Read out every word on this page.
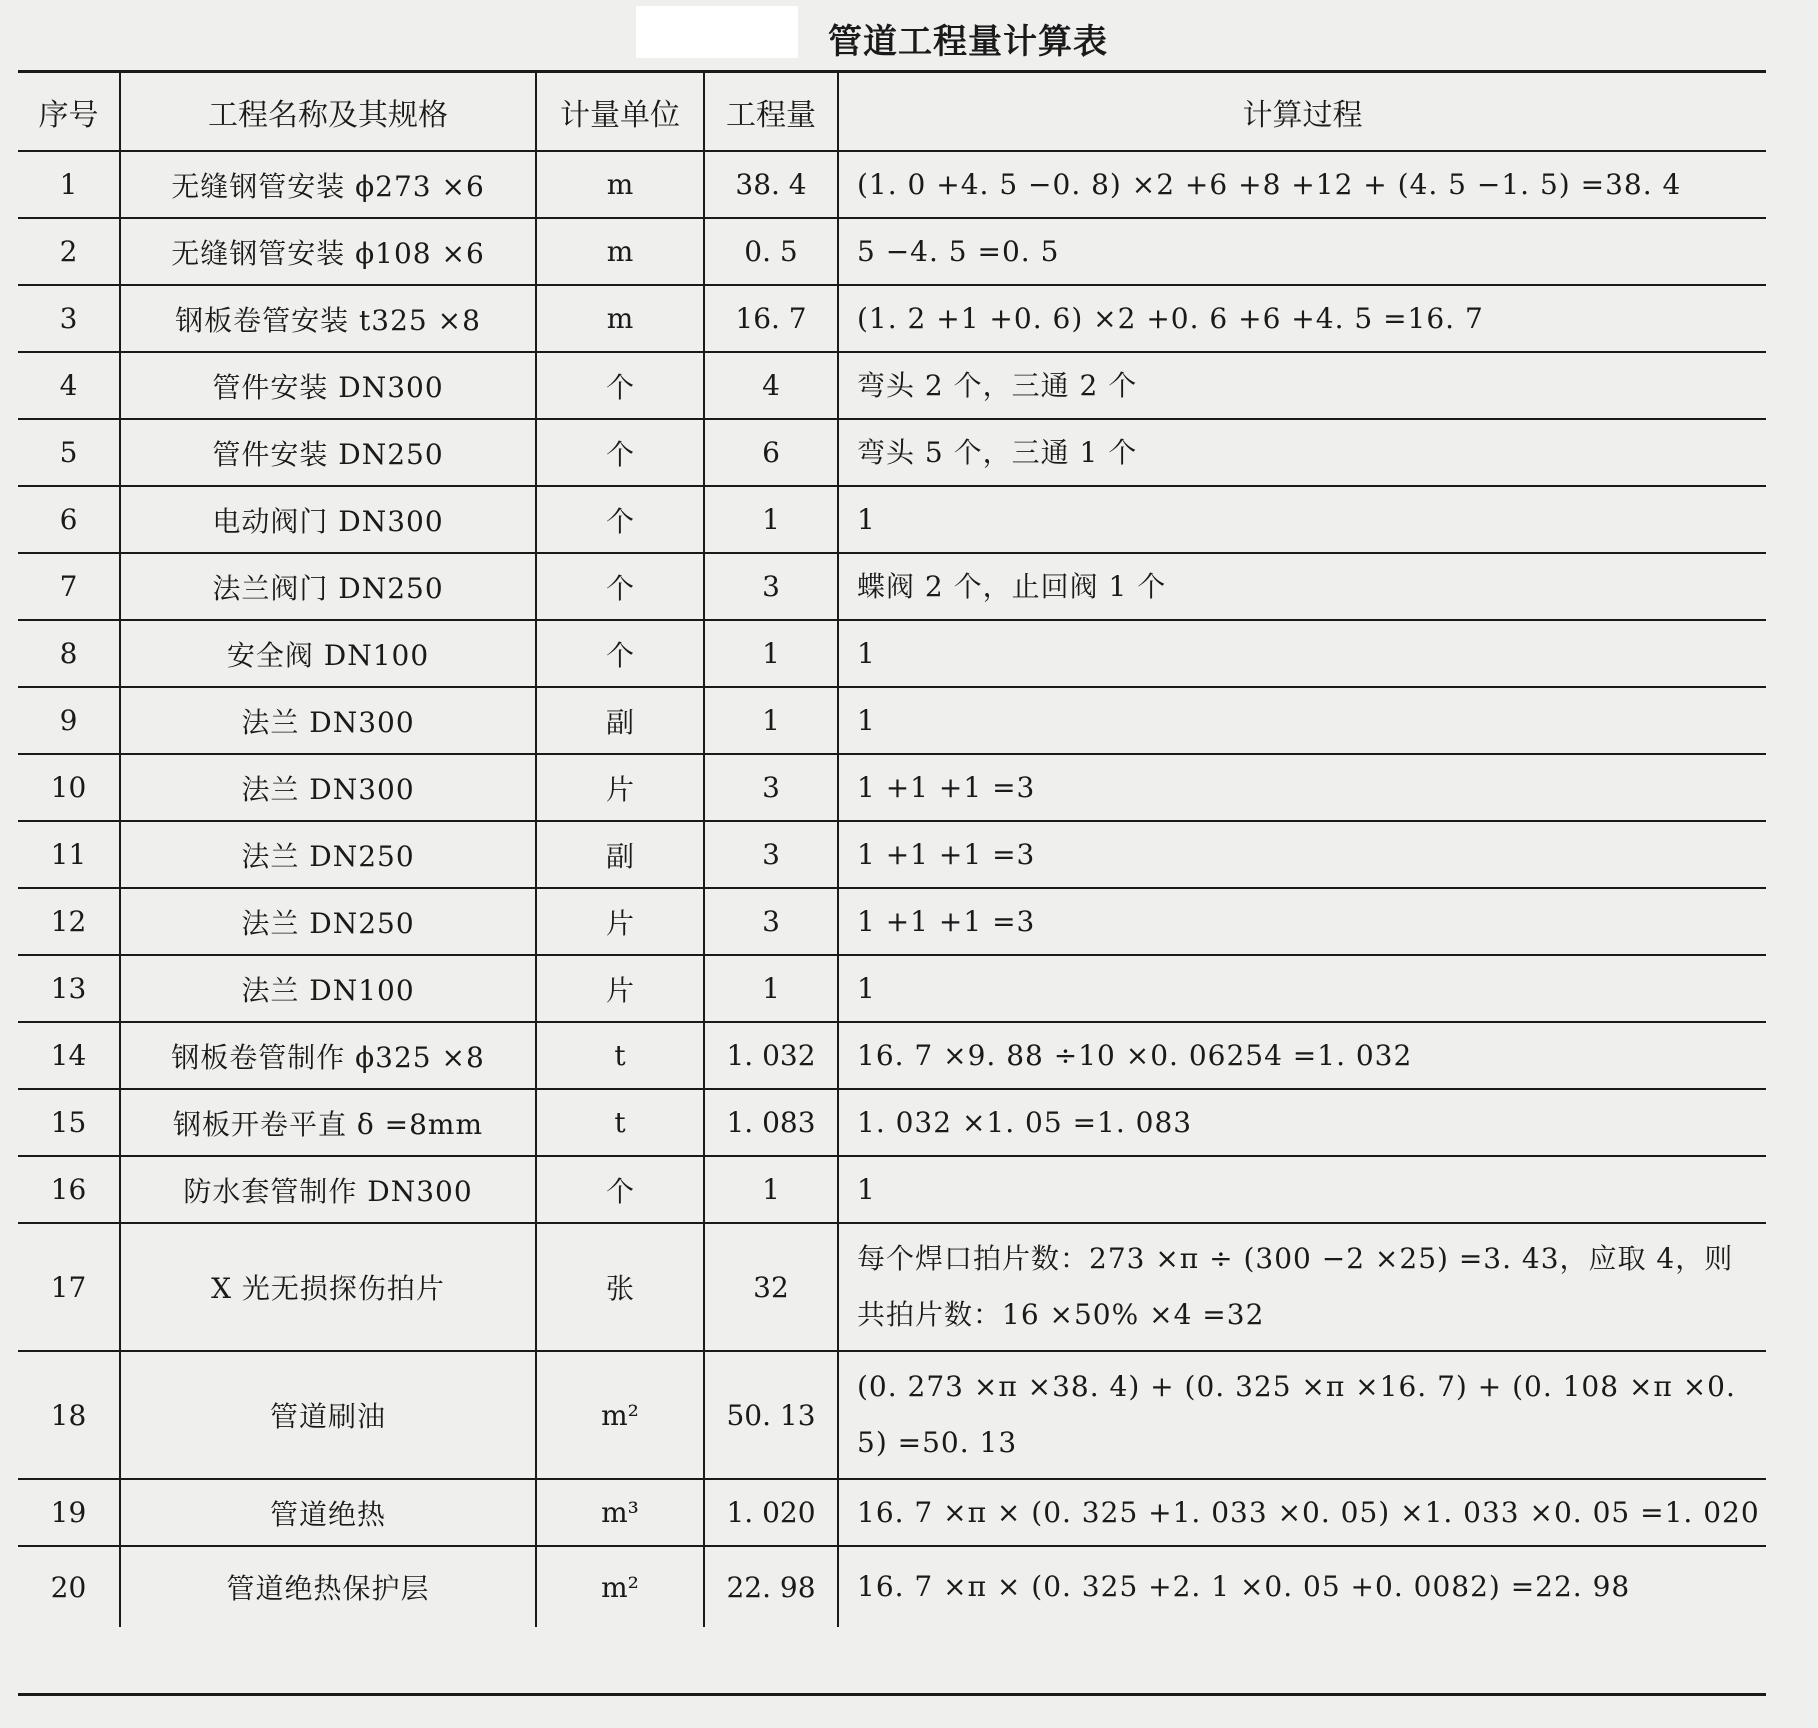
管道工程量计算表
序号	工程名称及其规格	计量单位	工程量	计算过程
1	无缝钢管安装 ϕ273 ×6	m	38. 4	(1. 0 +4. 5 −0. 8) ×2 +6 +8 +12 + (4. 5 −1. 5) =38. 4
2	无缝钢管安装 ϕ108 ×6	m	0. 5	5 −4. 5 =0. 5
3	钢板卷管安装 t325 ×8	m	16. 7	(1. 2 +1 +0. 6) ×2 +0. 6 +6 +4. 5 =16. 7
4	管件安装 DN300	个	4	弯头 2 个，三通 2 个
5	管件安装 DN250	个	6	弯头 5 个，三通 1 个
6	电动阀门 DN300	个	1	1
7	法兰阀门 DN250	个	3	蝶阀 2 个，止回阀 1 个
8	安全阀 DN100	个	1	1
9	法兰 DN300	副	1	1
10	法兰 DN300	片	3	1 +1 +1 =3
11	法兰 DN250	副	3	1 +1 +1 =3
12	法兰 DN250	片	3	1 +1 +1 =3
13	法兰 DN100	片	1	1
14	钢板卷管制作 ϕ325 ×8	t	1. 032	16. 7 ×9. 88 ÷10 ×0. 06254 =1. 032
15	钢板开卷平直 δ =8mm	t	1. 083	1. 032 ×1. 05 =1. 083
16	防水套管制作 DN300	个	1	1
17	X 光无损探伤拍片	张	32	每个焊口拍片数：273 ×π ÷ (300 −2 ×25) =3. 43，应取 4，则共拍片数：16 ×50% ×4 =32
18	管道刷油	m²	50. 13	(0. 273 ×π ×38. 4) + (0. 325 ×π ×16. 7) + (0. 108 ×π ×0. 5) =50. 13
19	管道绝热	m³	1. 020	16. 7 ×π × (0. 325 +1. 033 ×0. 05) ×1. 033 ×0. 05 =1. 020
20	管道绝热保护层	m²	22. 98	16. 7 ×π × (0. 325 +2. 1 ×0. 05 +0. 0082) =22. 98
